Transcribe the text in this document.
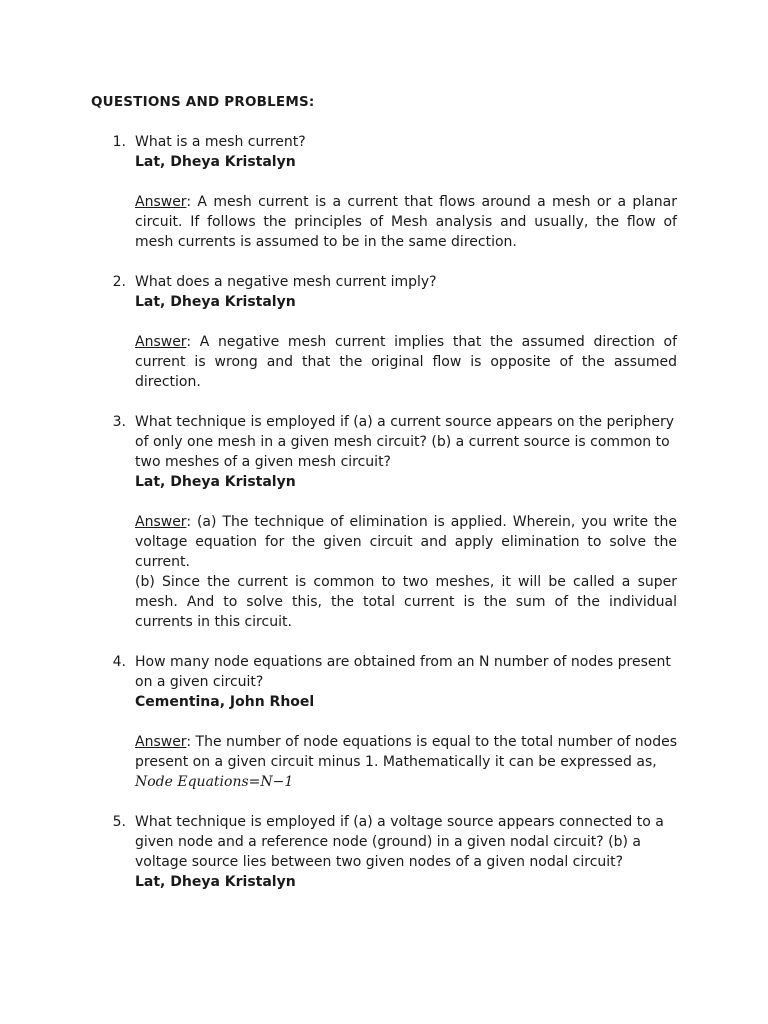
QUESTIONS AND PROBLEMS:

1. What is a mesh current?

Lat, Dheya Kristalyn

Answer: A mesh current is a current that flows around a mesh or a planar circuit. If follows the principles of Mesh analysis and usually, the flow of mesh currents is assumed to be in the same direction.

2. What does a negative mesh current imply?

Lat, Dheya Kristalyn

Answer: A negative mesh current implies that the assumed direction of current is wrong and that the original flow is opposite of the assumed direction.

3. What technique is employed if (a) a current source appears on the periphery of only one mesh in a given mesh circuit? (b) a current source is common to two meshes of a given mesh circuit?

Lat, Dheya Kristalyn

Answer: (a) The technique of elimination is applied. Wherein, you write the voltage equation for the given circuit and apply elimination to solve the current.

(b) Since the current is common to two meshes, it will be called a super mesh. And to solve this, the total current is the sum of the individual currents in this circuit.

4. How many node equations are obtained from an N number of nodes present on a given circuit?

Cementina, John Rhoel

Answer: The number of node equations is equal to the total number of nodes present on a given circuit minus 1. Mathematically it can be expressed as,

Node Equations=N−1

5. What technique is employed if (a) a voltage source appears connected to a given node and a reference node (ground) in a given nodal circuit? (b) a voltage source lies between two given nodes of a given nodal circuit?

Lat, Dheya Kristalyn
